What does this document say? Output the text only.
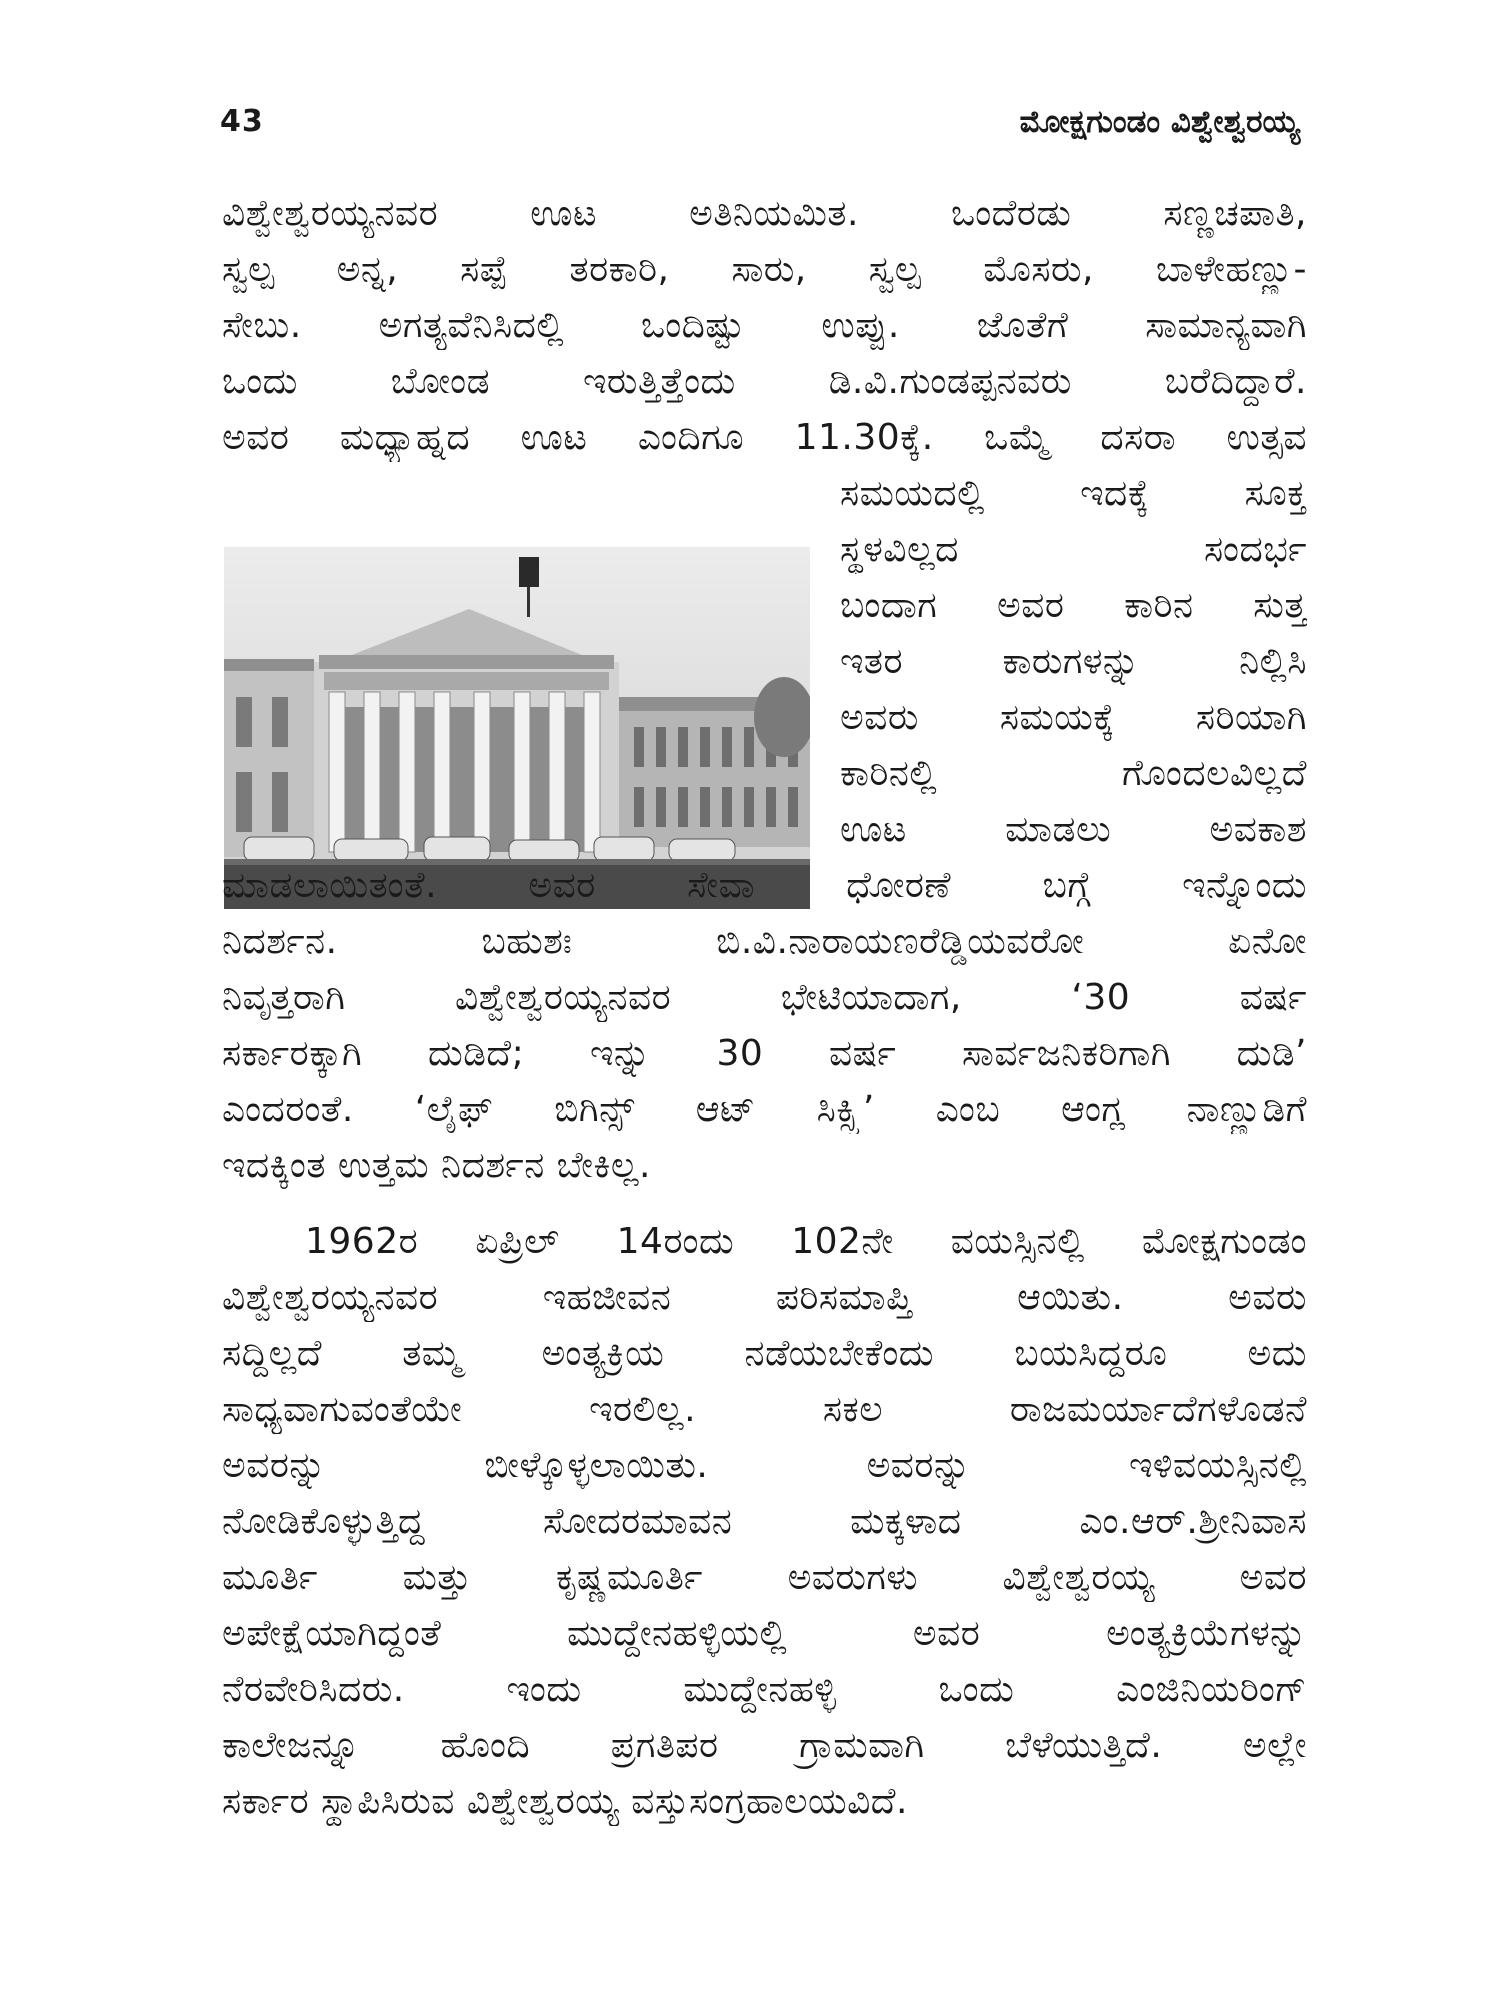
43	ಮೋಕ್ಷಗುಂಡಂ ವಿಶ್ವೇಶ್ವರಯ್ಯ
ವಿಶ್ವೇಶ್ವರಯ್ಯನವರ ಊಟ ಅತಿನಿಯಮಿತ. ಒಂದೆರಡು ಸಣ್ಣಚಪಾತಿ,
ಸ್ವಲ್ಪ ಅನ್ನ, ಸಪ್ಪೆ ತರಕಾರಿ, ಸಾರು, ಸ್ವಲ್ಪ ಮೊಸರು, ಬಾಳೇಹಣ್ಣು-
ಸೇಬು. ಅಗತ್ಯವೆನಿಸಿದಲ್ಲಿ ಒಂದಿಷ್ಟು ಉಪ್ಪು. ಜೊತೆಗೆ ಸಾಮಾನ್ಯವಾಗಿ
ಒಂದು ಬೋಂಡ ಇರುತ್ತಿತ್ತೆಂದು ಡಿ.ವಿ.ಗುಂಡಪ್ಪನವರು ಬರೆದಿದ್ದಾರೆ.
ಅವರ ಮಧ್ಯಾಹ್ನದ ಊಟ ಎಂದಿಗೂ 11.30ಕ್ಕೆ. ಒಮ್ಮೆ ದಸರಾ ಉತ್ಸವ
ಸಮಯದಲ್ಲಿ ಇದಕ್ಕೆ ಸೂಕ್ತ
ಸ್ಥಳವಿಲ್ಲದ ಸಂದರ್ಭ
ಬಂದಾಗ ಅವರ ಕಾರಿನ ಸುತ್ತ
ಇತರ ಕಾರುಗಳನ್ನು ನಿಲ್ಲಿಸಿ
ಅವರು ಸಮಯಕ್ಕೆ ಸರಿಯಾಗಿ
ಕಾರಿನಲ್ಲಿ ಗೊಂದಲವಿಲ್ಲದೆ
ಊಟ ಮಾಡಲು ಅವಕಾಶ
ಮಾಡಲಾಯಿತಂತೆ. ಅವರ ಸೇವಾ ಧೋರಣೆ ಬಗ್ಗೆ ಇನ್ನೊಂದು
ನಿದರ್ಶನ. ಬಹುಶಃ ಬಿ.ವಿ.ನಾರಾಯಣರೆಡ್ಡಿಯವರೋ ಏನೋ
ನಿವೃತ್ತರಾಗಿ ವಿಶ್ವೇಶ್ವರಯ್ಯನವರ ಭೇಟಿಯಾದಾಗ, ‘30 ವರ್ಷ
ಸರ್ಕಾರಕ್ಕಾಗಿ ದುಡಿದೆ; ಇನ್ನು 30 ವರ್ಷ ಸಾರ್ವಜನಿಕರಿಗಾಗಿ ದುಡಿ’
ಎಂದರಂತೆ. ‘ಲೈಫ್ ಬಿಗಿನ್ಸ್ ಆಟ್ ಸಿಕ್ಸ್ಟಿ’ ಎಂಬ ಆಂಗ್ಲ ನಾಣ್ಣುಡಿಗೆ
ಇದಕ್ಕಿಂತ ಉತ್ತಮ ನಿದರ್ಶನ ಬೇಕಿಲ್ಲ.
1962ರ ಏಪ್ರಿಲ್ 14ರಂದು 102ನೇ ವಯಸ್ಸಿನಲ್ಲಿ ಮೋಕ್ಷಗುಂಡಂ
ವಿಶ್ವೇಶ್ವರಯ್ಯನವರ ಇಹಜೀವನ ಪರಿಸಮಾಪ್ತಿ ಆಯಿತು. ಅವರು
ಸದ್ದಿಲ್ಲದೆ ತಮ್ಮ ಅಂತ್ಯಕ್ರಿಯ ನಡೆಯಬೇಕೆಂದು ಬಯಸಿದ್ದರೂ ಅದು
ಸಾಧ್ಯವಾಗುವಂತೆಯೇ ಇರಲಿಲ್ಲ. ಸಕಲ ರಾಜಮರ್ಯಾದೆಗಳೊಡನೆ
ಅವರನ್ನು ಬೀಳ್ಕೊಳ್ಳಲಾಯಿತು. ಅವರನ್ನು ಇಳಿವಯಸ್ಸಿನಲ್ಲಿ
ನೋಡಿಕೊಳ್ಳುತ್ತಿದ್ದ ಸೋದರಮಾವನ ಮಕ್ಕಳಾದ ಎಂ.ಆರ್.ಶ್ರೀನಿವಾಸ
ಮೂರ್ತಿ ಮತ್ತು ಕೃಷ್ಣಮೂರ್ತಿ ಅವರುಗಳು ವಿಶ್ವೇಶ್ವರಯ್ಯ ಅವರ
ಅಪೇಕ್ಷೆಯಾಗಿದ್ದಂತೆ ಮುದ್ದೇನಹಳ್ಳಿಯಲ್ಲಿ ಅವರ ಅಂತ್ಯಕ್ರಿಯೆಗಳನ್ನು
ನೆರವೇರಿಸಿದರು. ಇಂದು ಮುದ್ದೇನಹಳ್ಳಿ ಒಂದು ಎಂಜಿನಿಯರಿಂಗ್
ಕಾಲೇಜನ್ನೂ ಹೊಂದಿ ಪ್ರಗತಿಪರ ಗ್ರಾಮವಾಗಿ ಬೆಳೆಯುತ್ತಿದೆ. ಅಲ್ಲೇ
ಸರ್ಕಾರ ಸ್ಥಾಪಿಸಿರುವ ವಿಶ್ವೇಶ್ವರಯ್ಯ ವಸ್ತುಸಂಗ್ರಹಾಲಯವಿದೆ.
